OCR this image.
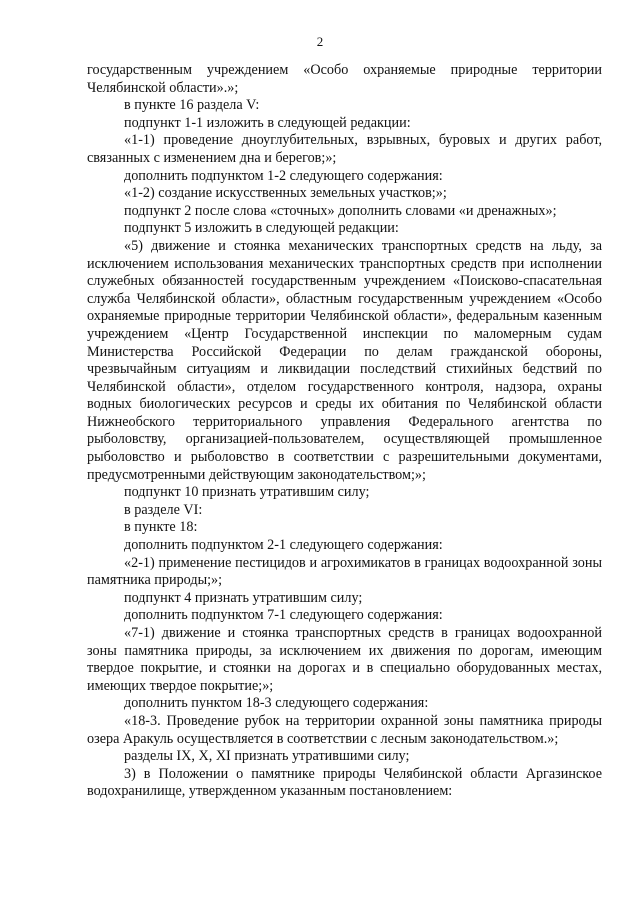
2

государственным учреждением «Особо охраняемые природные территории Челябинской области».»;

в пункте 16 раздела V:

подпункт 1-1 изложить в следующей редакции:

«1-1) проведение дноуглубительных, взрывных, буровых и других работ, связанных с изменением дна и берегов;»;

дополнить подпунктом 1-2 следующего содержания:

«1-2) создание искусственных земельных участков;»;

подпункт 2 после слова «сточных» дополнить словами «и дренажных»;

подпункт 5 изложить в следующей редакции:

«5) движение и стоянка механических транспортных средств на льду, за исключением использования механических транспортных средств при исполнении служебных обязанностей государственным учреждением «Поисково-спасательная служба Челябинской области», областным государственным учреждением «Особо охраняемые природные территории Челябинской области», федеральным казенным учреждением «Центр Государственной инспекции по маломерным судам Министерства Российской Федерации по делам гражданской обороны, чрезвычайным ситуациям и ликвидации последствий стихийных бедствий по Челябинской области», отделом государственного контроля, надзора, охраны водных биологических ресурсов и среды их обитания по Челябинской области Нижнеобского территориального управления Федерального агентства по рыболовству, организацией-пользователем, осуществляющей промышленное рыболовство и рыболовство в соответствии с разрешительными документами, предусмотренными действующим законодательством;»;

подпункт 10 признать утратившим силу;

в разделе VI:

в пункте 18:

дополнить подпунктом 2-1 следующего содержания:

«2-1) применение пестицидов и агрохимикатов в границах водоохранной зоны памятника природы;»;

подпункт 4 признать утратившим силу;

дополнить подпунктом 7-1 следующего содержания:

«7-1) движение и стоянка транспортных средств в границах водоохранной зоны памятника природы, за исключением их движения по дорогам, имеющим твердое покрытие, и стоянки на дорогах и в специально оборудованных местах, имеющих твердое покрытие;»;

дополнить пунктом 18-3 следующего содержания:

«18-3. Проведение рубок на территории охранной зоны памятника природы озера Аракуль осуществляется в соответствии с лесным законодательством.»;

разделы IX, X, XI признать утратившими силу;

3) в Положении о памятнике природы Челябинской области Аргазинское водохранилище, утвержденном указанным постановлением:
